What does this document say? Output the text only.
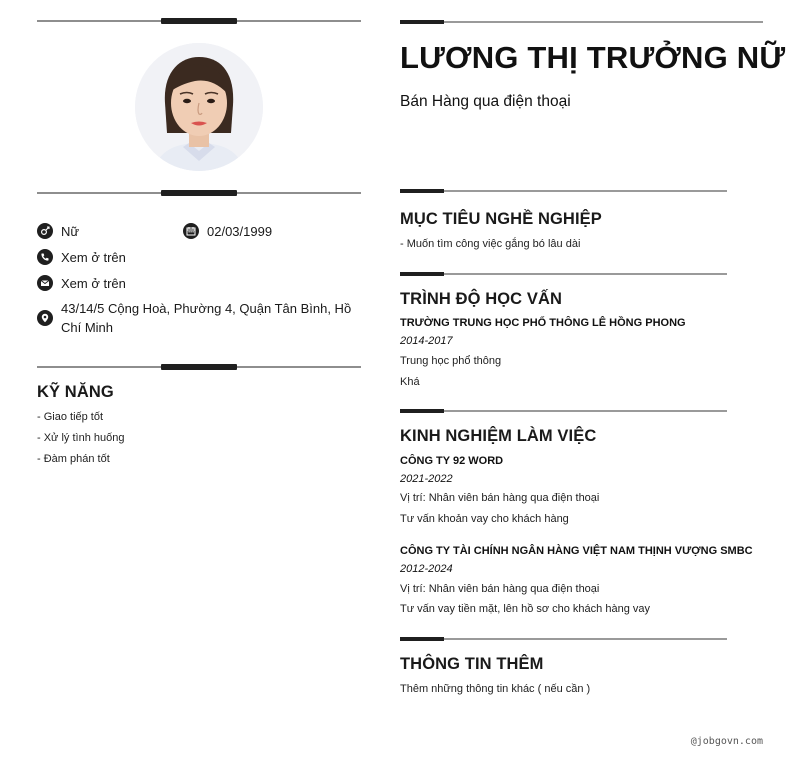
Nữ	02/03/1999
Xem ở trên
Xem ở trên
43/14/5 Cộng Hoà, Phường 4, Quận Tân Bình, Hồ Chí Minh
KỸ NĂNG
- Giao tiếp tốt
- Xử lý tình huống
- Đàm phán tốt
LƯƠNG THỊ TRƯỞNG NỮ
Bán Hàng qua điện thoại
MỤC TIÊU NGHỀ NGHIỆP
- Muốn tìm công việc gắng bó lâu dài
TRÌNH ĐỘ HỌC VẤN
TRƯỜNG TRUNG HỌC PHỔ THÔNG LÊ HỒNG PHONG
2014-2017
Trung học phổ thông
Khá
KINH NGHIỆM LÀM VIỆC
CÔNG TY 92 WORD
2021-2022
Vị trí: Nhân viên bán hàng qua điện thoại
Tư vấn khoản vay cho khách hàng
CÔNG TY TÀI CHÍNH NGÂN HÀNG VIỆT NAM THỊNH VƯỢNG SMBC
2012-2024
Vị trí: Nhân viên bán hàng qua điện thoại
Tư vấn vay tiền mặt, lên hồ sơ cho khách hàng vay
THÔNG TIN THÊM
Thêm những thông tin khác ( nếu cần )
@jobgovn.com
